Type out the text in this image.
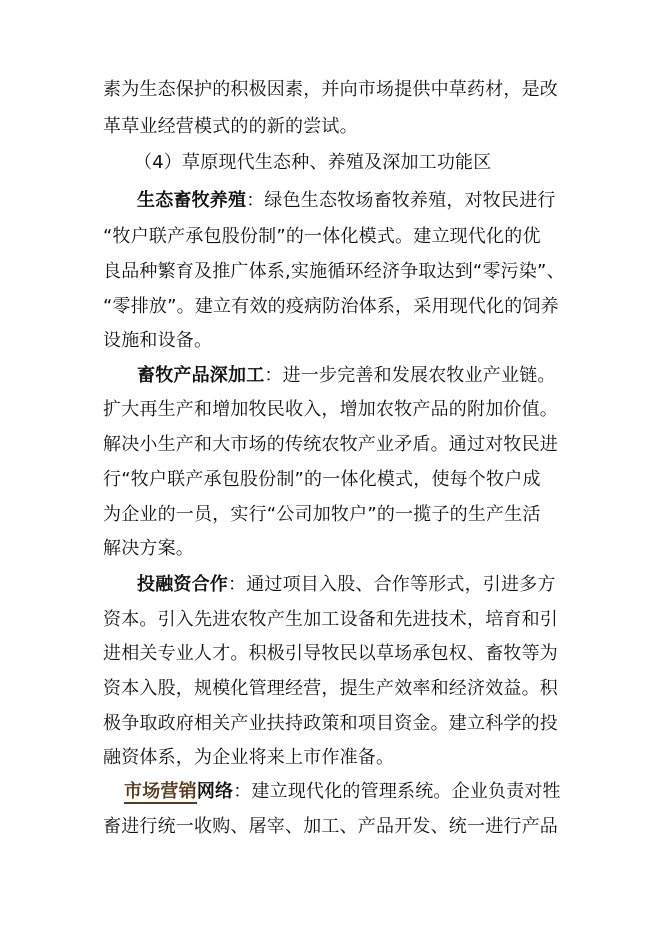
素为生态保护的积极因素，并向市场提供中草药材，是改
革草业经营模式的的新的尝试。
（4）草原现代生态种、养殖及深加工功能区
生态畜牧养殖：绿色生态牧场畜牧养殖，对牧民进行
“牧户联产承包股份制”的一体化模式。建立现代化的优
良品种繁育及推广体系,实施循环经济争取达到“零污染”、
“零排放”。建立有效的疫病防治体系，采用现代化的饲养
设施和设备。
畜牧产品深加工：进一步完善和发展农牧业产业链。
扩大再生产和增加牧民收入，增加农牧产品的附加价值。
解决小生产和大市场的传统农牧产业矛盾。通过对牧民进
行“牧户联产承包股份制”的一体化模式，使每个牧户成
为企业的一员，实行“公司加牧户”的一揽子的生产生活
解决方案。
投融资合作：通过项目入股、合作等形式，引进多方
资本。引入先进农牧产生加工设备和先进技术，培育和引
进相关专业人才。积极引导牧民以草场承包权、畜牧等为
资本入股，规模化管理经营，提生产效率和经济效益。积
极争取政府相关产业扶持政策和项目资金。建立科学的投
融资体系，为企业将来上市作准备。
市场营销网络：建立现代化的管理系统。企业负责对牲
畜进行统一收购、屠宰、加工、产品开发、统一进行产品
